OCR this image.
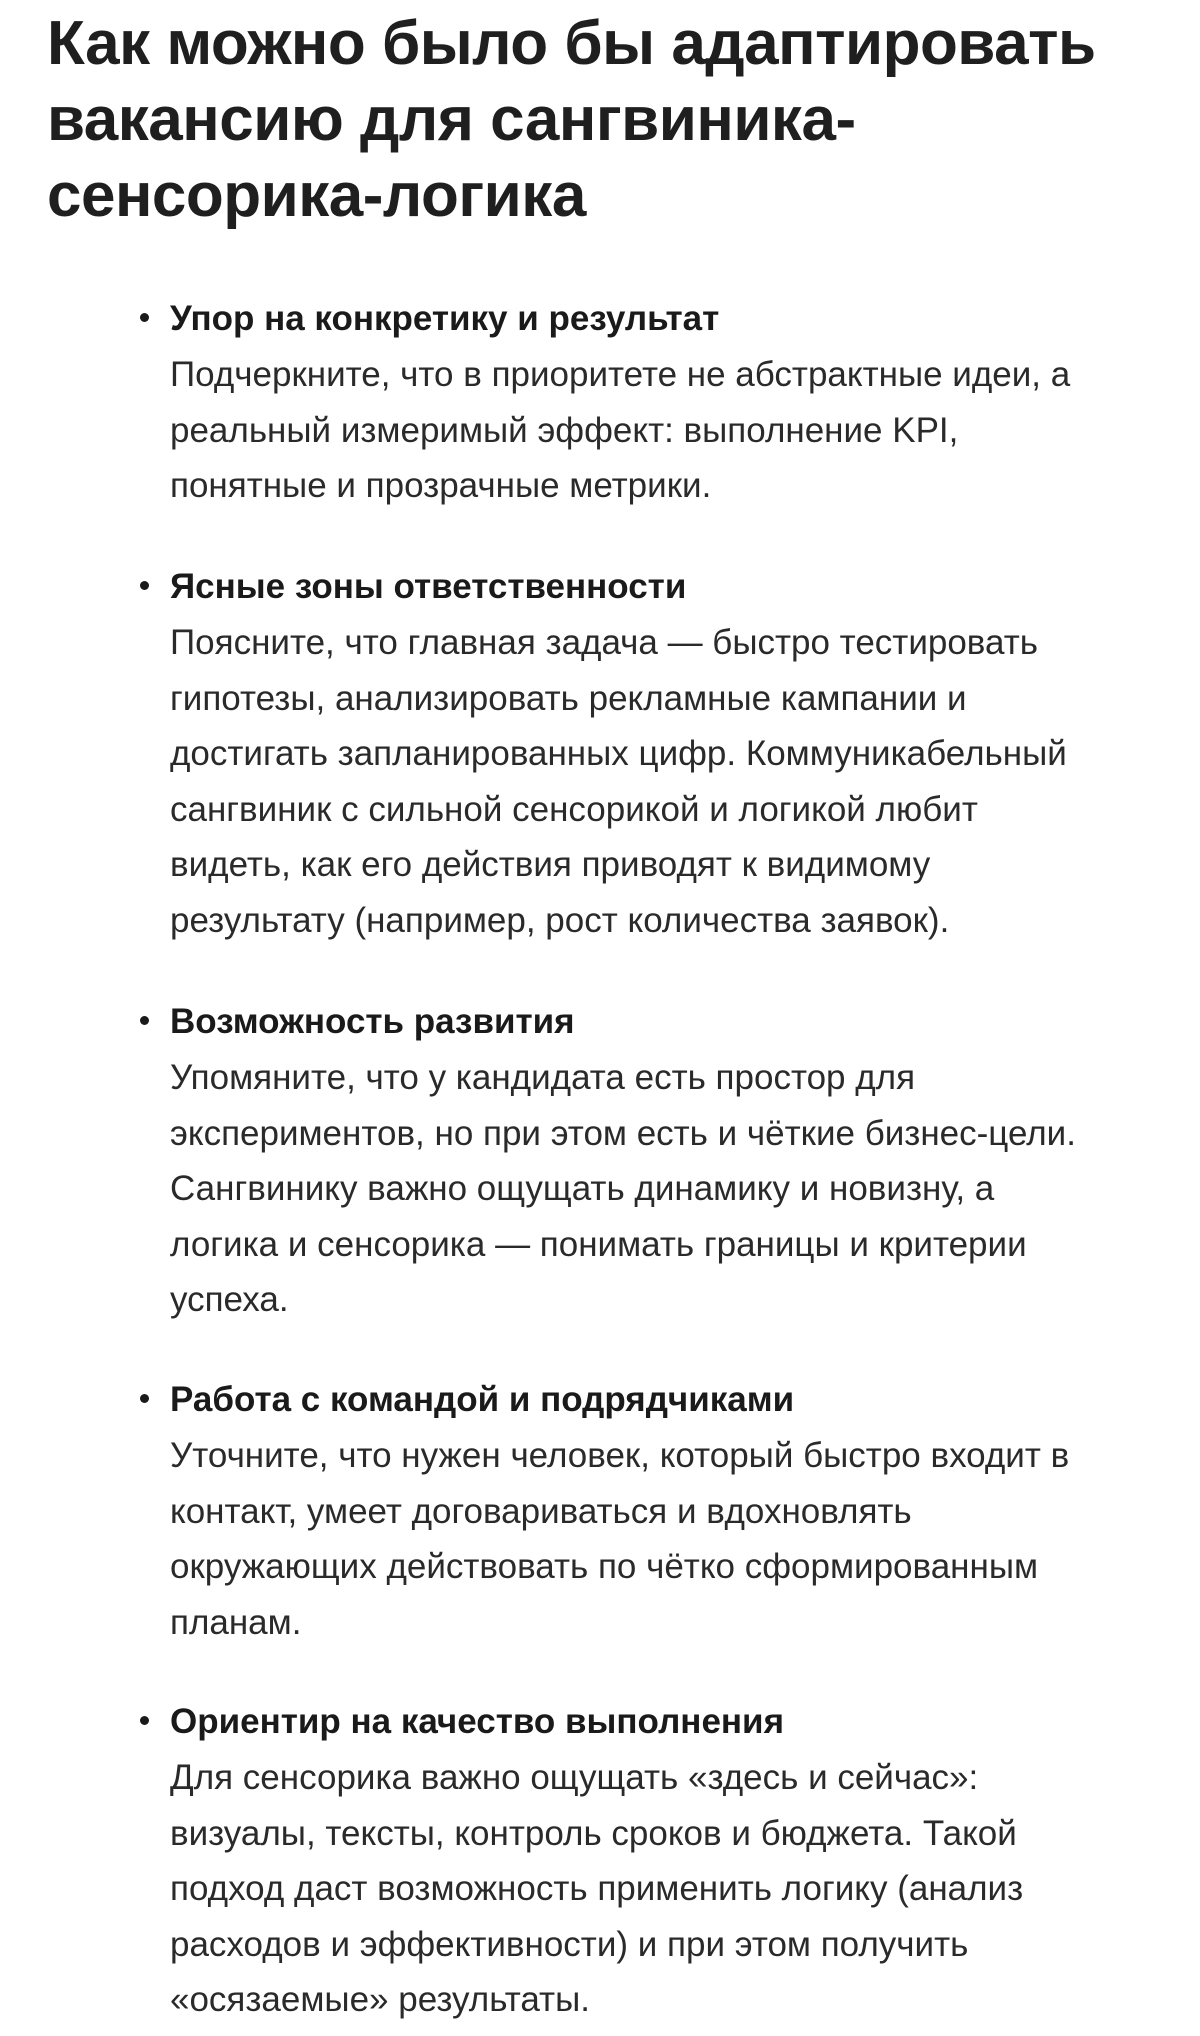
Как можно было бы адаптировать
вакансию для сангвиника-
сенсорика-логика

Упор на конкретику и результат

Подчеркните, что в приоритете не абстрактные идеи, а
реальный измеримый эффект: выполнение KPI,
понятные и прозрачные метрики.

Ясные зоны ответственности

Поясните, что главная задача — быстро тестировать
гипотезы, анализировать рекламные кампании и
достигать запланированных цифр. Коммуникабельный
сангвиник с сильной сенсорикой и логикой любит
видеть, как его действия приводят к видимому
результату (например, рост количества заявок).

Возможность развития

Упомяните, что у кандидата есть простор для
экспериментов, но при этом есть и чёткие бизнес-цели.
Сангвинику важно ощущать динамику и новизну, а
логика и сенсорика — понимать границы и критерии
успеха.

Работа с командой и подрядчиками

Уточните, что нужен человек, который быстро входит в
контакт, умеет договариваться и вдохновлять
окружающих действовать по чётко сформированным
планам.

Ориентир на качество выполнения

Для сенсорика важно ощущать «здесь и сейчас»:
визуалы, тексты, контроль сроков и бюджета. Такой
подход даст возможность применить логику (анализ
расходов и эффективности) и при этом получить
«осязаемые» результаты.
